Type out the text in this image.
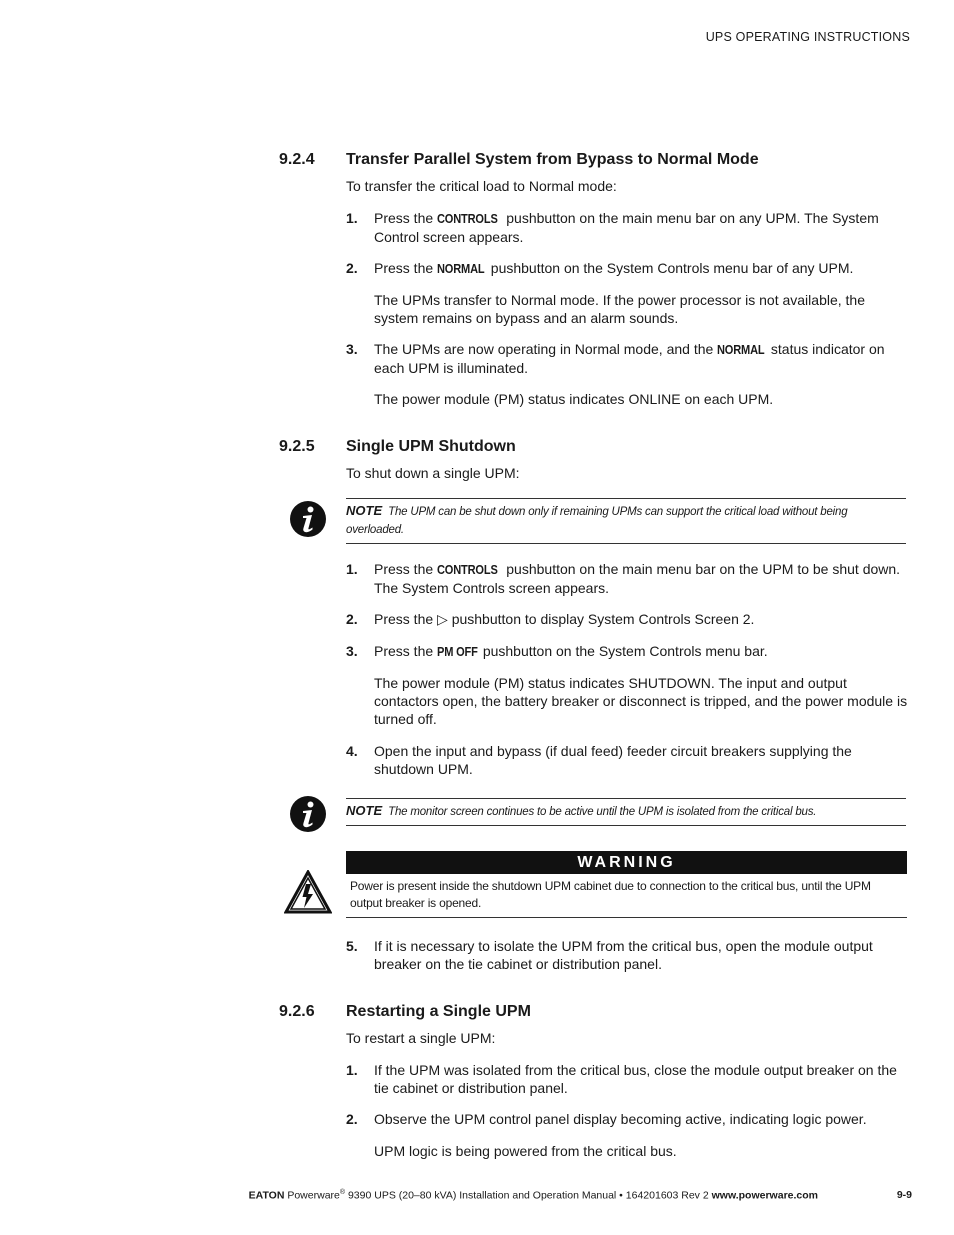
UPS OPERATING INSTRUCTIONS
9.2.4 Transfer Parallel System from Bypass to Normal Mode
To transfer the critical load to Normal mode:
1. Press the CONTROLS pushbutton on the main menu bar on any UPM. The System Control screen appears.
2. Press the NORMAL pushbutton on the System Controls menu bar of any UPM.
The UPMs transfer to Normal mode. If the power processor is not available, the system remains on bypass and an alarm sounds.
3. The UPMs are now operating in Normal mode, and the NORMAL status indicator on each UPM is illuminated.
The power module (PM) status indicates ONLINE on each UPM.
9.2.5 Single UPM Shutdown
To shut down a single UPM:
NOTE The UPM can be shut down only if remaining UPMs can support the critical load without being overloaded.
1. Press the CONTROLS pushbutton on the main menu bar on the UPM to be shut down. The System Controls screen appears.
2. Press the ▷ pushbutton to display System Controls Screen 2.
3. Press the PM OFF pushbutton on the System Controls menu bar.
The power module (PM) status indicates SHUTDOWN. The input and output contactors open, the battery breaker or disconnect is tripped, and the power module is turned off.
4. Open the input and bypass (if dual feed) feeder circuit breakers supplying the shutdown UPM.
NOTE The monitor screen continues to be active until the UPM is isolated from the critical bus.
WARNING
Power is present inside the shutdown UPM cabinet due to connection to the critical bus, until the UPM output breaker is opened.
5. If it is necessary to isolate the UPM from the critical bus, open the module output breaker on the tie cabinet or distribution panel.
9.2.6 Restarting a Single UPM
To restart a single UPM:
1. If the UPM was isolated from the critical bus, close the module output breaker on the tie cabinet or distribution panel.
2. Observe the UPM control panel display becoming active, indicating logic power.
UPM logic is being powered from the critical bus.
EATON Powerware® 9390 UPS (20–80 kVA) Installation and Operation Manual • 164201603 Rev 2 www.powerware.com	9-9
